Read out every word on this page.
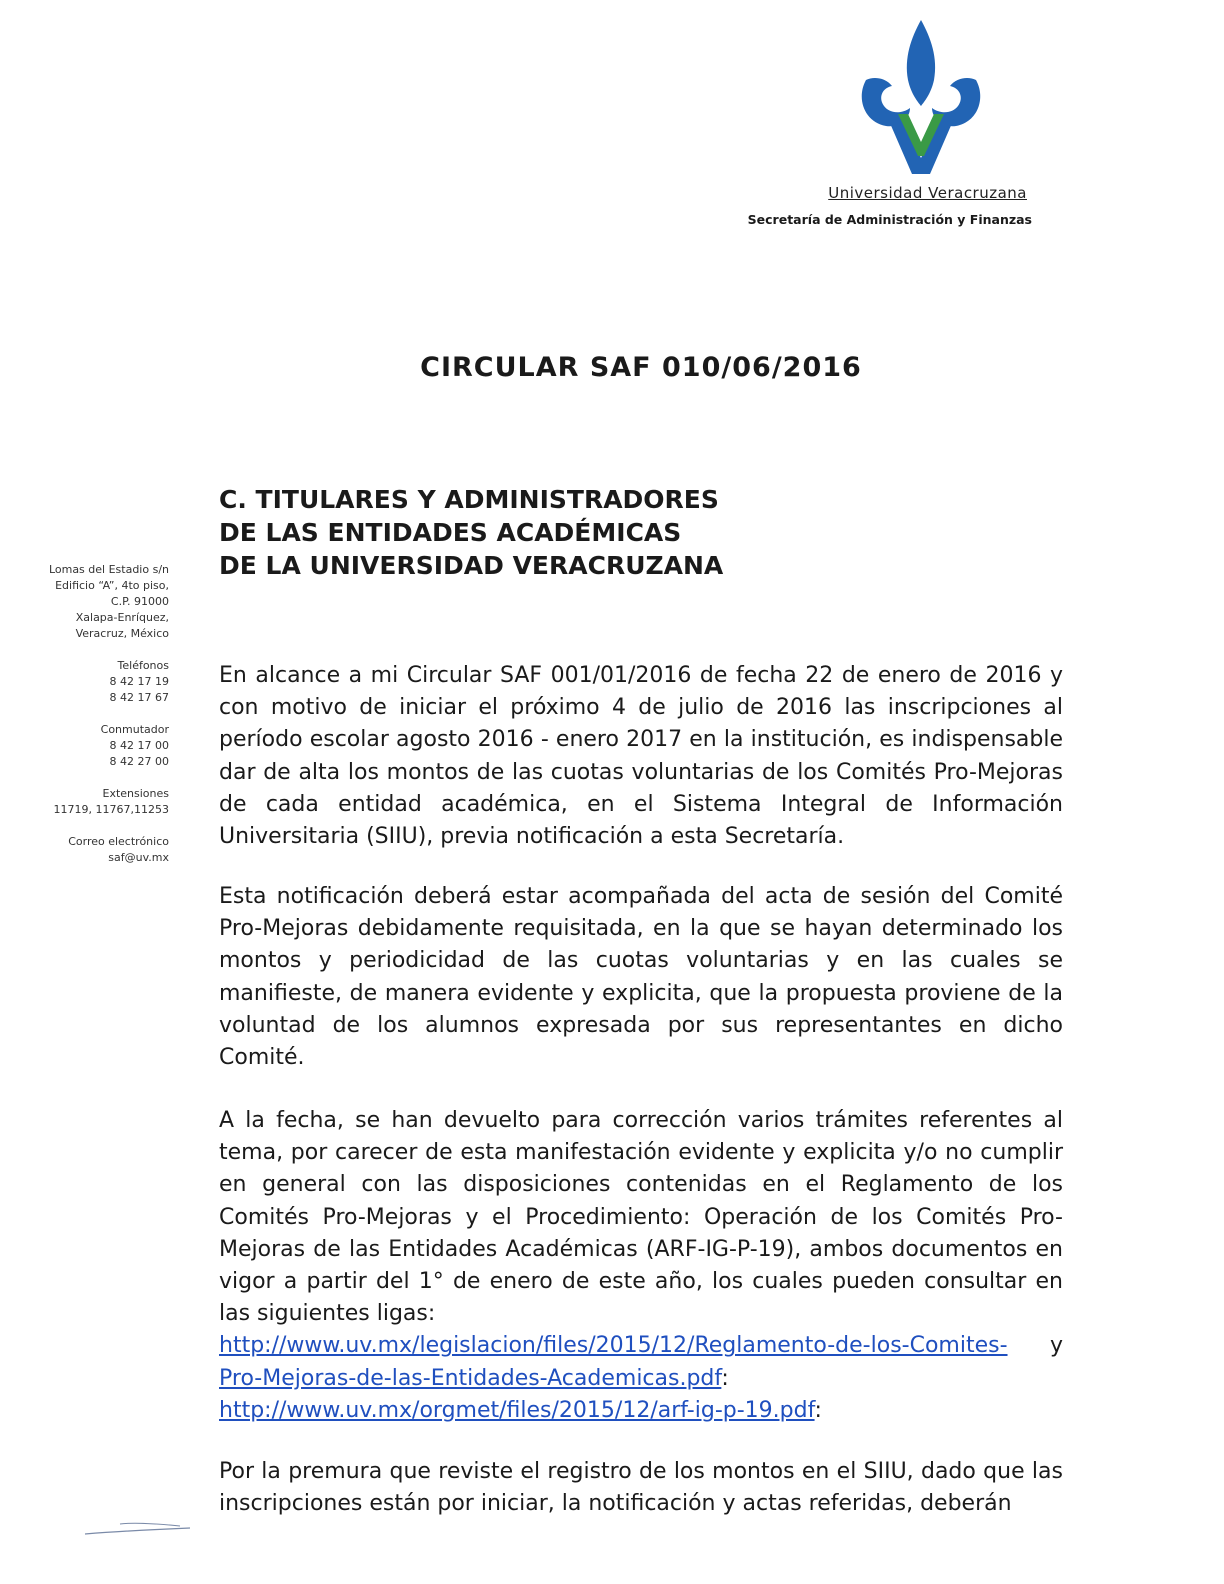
Universidad Veracruzana
Secretaría de Administración y Finanzas
CIRCULAR SAF 010/06/2016
C. TITULARES Y ADMINISTRADORES
DE LAS ENTIDADES ACADÉMICAS
DE LA UNIVERSIDAD VERACRUZANA
Lomas del Estadio s/n
Edificio “A”, 4to piso,
C.P. 91000
Xalapa-Enríquez,
Veracruz, México
Teléfonos
8 42 17 19
8 42 17 67
Conmutador
8 42 17 00
8 42 27 00
Extensiones
11719, 11767,11253
Correo electrónico
saf@uv.mx
En alcance a mi Circular SAF 001/01/2016 de fecha 22 de enero de 2016 y con motivo de iniciar el próximo 4 de julio de 2016 las inscripciones al período escolar agosto 2016 - enero 2017 en la institución, es indispensable dar de alta los montos de las cuotas voluntarias de los Comités Pro-Mejoras de cada entidad académica, en el Sistema Integral de Información Universitaria (SIIU), previa notificación a esta Secretaría.
Esta notificación deberá estar acompañada del acta de sesión del Comité Pro-Mejoras debidamente requisitada, en la que se hayan determinado los montos y periodicidad de las cuotas voluntarias y en las cuales se manifieste, de manera evidente y explicita, que la propuesta proviene de la voluntad de los alumnos expresada por sus representantes en dicho Comité.
A la fecha, se han devuelto para corrección varios trámites referentes al tema, por carecer de esta manifestación evidente y explicita y/o no cumplir en general con las disposiciones contenidas en el Reglamento de los Comités Pro-Mejoras y el Procedimiento: Operación de los Comités Pro-Mejoras de las Entidades Académicas (ARF-IG-P-19), ambos documentos en vigor a partir del 1° de enero de este año, los cuales pueden consultar en las siguientes ligas:
http://www.uv.mx/legislacion/files/2015/12/Reglamento-de-los-Comites-Pro-Mejoras-de-las-Entidades-Academicas.pdf:
y
http://www.uv.mx/orgmet/files/2015/12/arf-ig-p-19.pdf:
Por la premura que reviste el registro de los montos en el SIIU, dado que las inscripciones están por iniciar, la notificación y actas referidas, deberán
